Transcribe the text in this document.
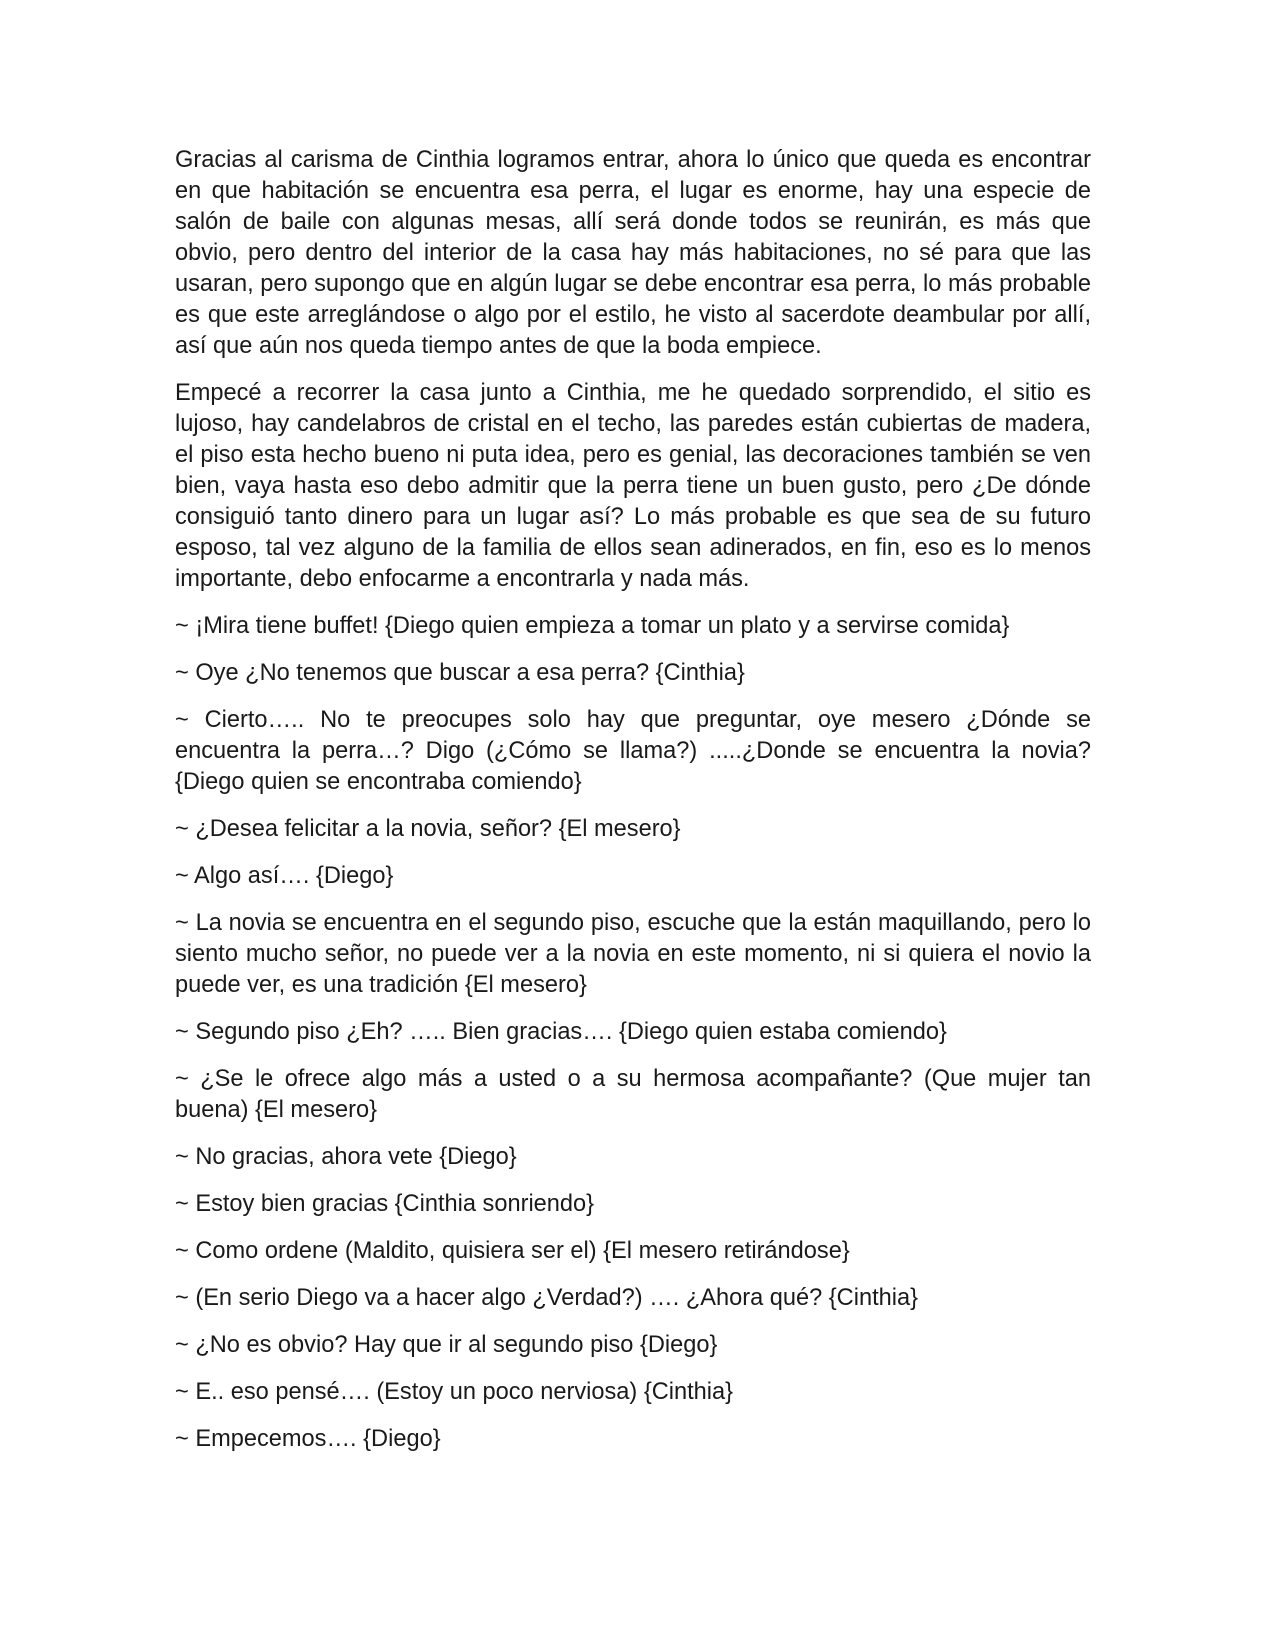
Gracias al carisma de Cinthia logramos entrar, ahora lo único que queda es encontrar en que habitación se encuentra esa perra, el lugar es enorme, hay una especie de salón de baile con algunas mesas, allí será donde todos se reunirán, es más que obvio, pero dentro del interior de la casa hay más habitaciones, no sé para que las usaran, pero supongo que en algún lugar se debe encontrar esa perra, lo más probable es que este arreglándose o algo por el estilo, he visto al sacerdote deambular por allí, así que aún nos queda tiempo antes de que la boda empiece.

Empecé a recorrer la casa junto a Cinthia, me he quedado sorprendido, el sitio es lujoso, hay candelabros de cristal en el techo, las paredes están cubiertas de madera, el piso esta hecho bueno ni puta idea, pero es genial, las decoraciones también se ven bien, vaya hasta eso debo admitir que la perra tiene un buen gusto, pero ¿De dónde consiguió tanto dinero para un lugar así? Lo más probable es que sea de su futuro esposo, tal vez alguno de la familia de ellos sean adinerados, en fin, eso es lo menos importante, debo enfocarme a encontrarla y nada más.

~ ¡Mira tiene buffet! {Diego quien empieza a tomar un plato y a servirse comida}

~ Oye ¿No tenemos que buscar a esa perra? {Cinthia}

~ Cierto….. No te preocupes solo hay que preguntar, oye mesero ¿Dónde se encuentra la perra…? Digo (¿Cómo se llama?) .....¿Donde se encuentra la novia? {Diego quien se encontraba comiendo}

~ ¿Desea felicitar a la novia, señor? {El mesero}

~ Algo así…. {Diego}

~ La novia se encuentra en el segundo piso, escuche que la están maquillando, pero lo siento mucho señor, no puede ver a la novia en este momento, ni si quiera el novio la puede ver, es una tradición {El mesero}

~ Segundo piso ¿Eh? ….. Bien gracias…. {Diego quien estaba comiendo}

~ ¿Se le ofrece algo más a usted o a su hermosa acompañante? (Que mujer tan buena) {El mesero}

~ No gracias, ahora vete {Diego}

~ Estoy bien gracias {Cinthia sonriendo}

~ Como ordene (Maldito, quisiera ser el) {El mesero retirándose}

~ (En serio Diego va a hacer algo ¿Verdad?) …. ¿Ahora qué? {Cinthia}

~ ¿No es obvio? Hay que ir al segundo piso {Diego}

~ E.. eso pensé…. (Estoy un poco nerviosa) {Cinthia}

~ Empecemos…. {Diego}
